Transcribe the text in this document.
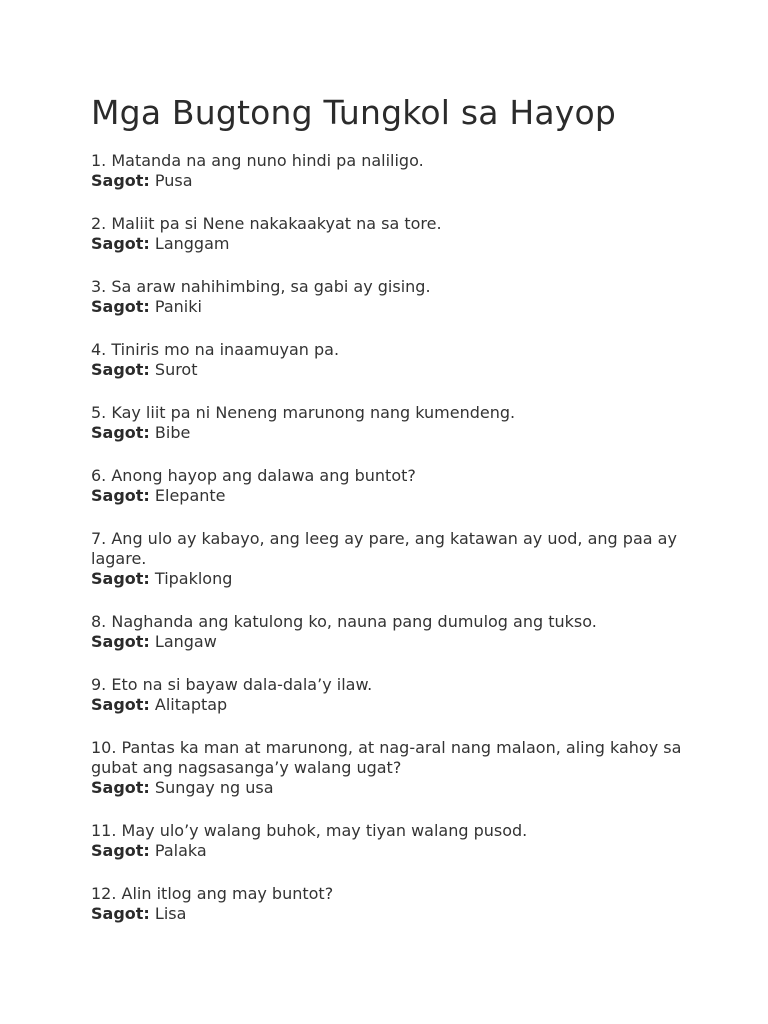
Mga Bugtong Tungkol sa Hayop
1. Matanda na ang nuno hindi pa naliligo.
Sagot: Pusa
2. Maliit pa si Nene nakakaakyat na sa tore.
Sagot: Langgam
3. Sa araw nahihimbing, sa gabi ay gising.
Sagot: Paniki
4. Tiniris mo na inaamuyan pa.
Sagot: Surot
5. Kay liit pa ni Neneng marunong nang kumendeng.
Sagot: Bibe
6. Anong hayop ang dalawa ang buntot?
Sagot: Elepante
7. Ang ulo ay kabayo, ang leeg ay pare, ang katawan ay uod, ang paa ay lagare.
Sagot: Tipaklong
8. Naghanda ang katulong ko, nauna pang dumulog ang tukso.
Sagot: Langaw
9. Eto na si bayaw dala-dala’y ilaw.
Sagot: Alitaptap
10. Pantas ka man at marunong, at nag-aral nang malaon, aling kahoy sa gubat ang nagsasanga’y walang ugat?
Sagot: Sungay ng usa
11. May ulo’y walang buhok, may tiyan walang pusod.
Sagot: Palaka
12. Alin itlog ang may buntot?
Sagot: Lisa
